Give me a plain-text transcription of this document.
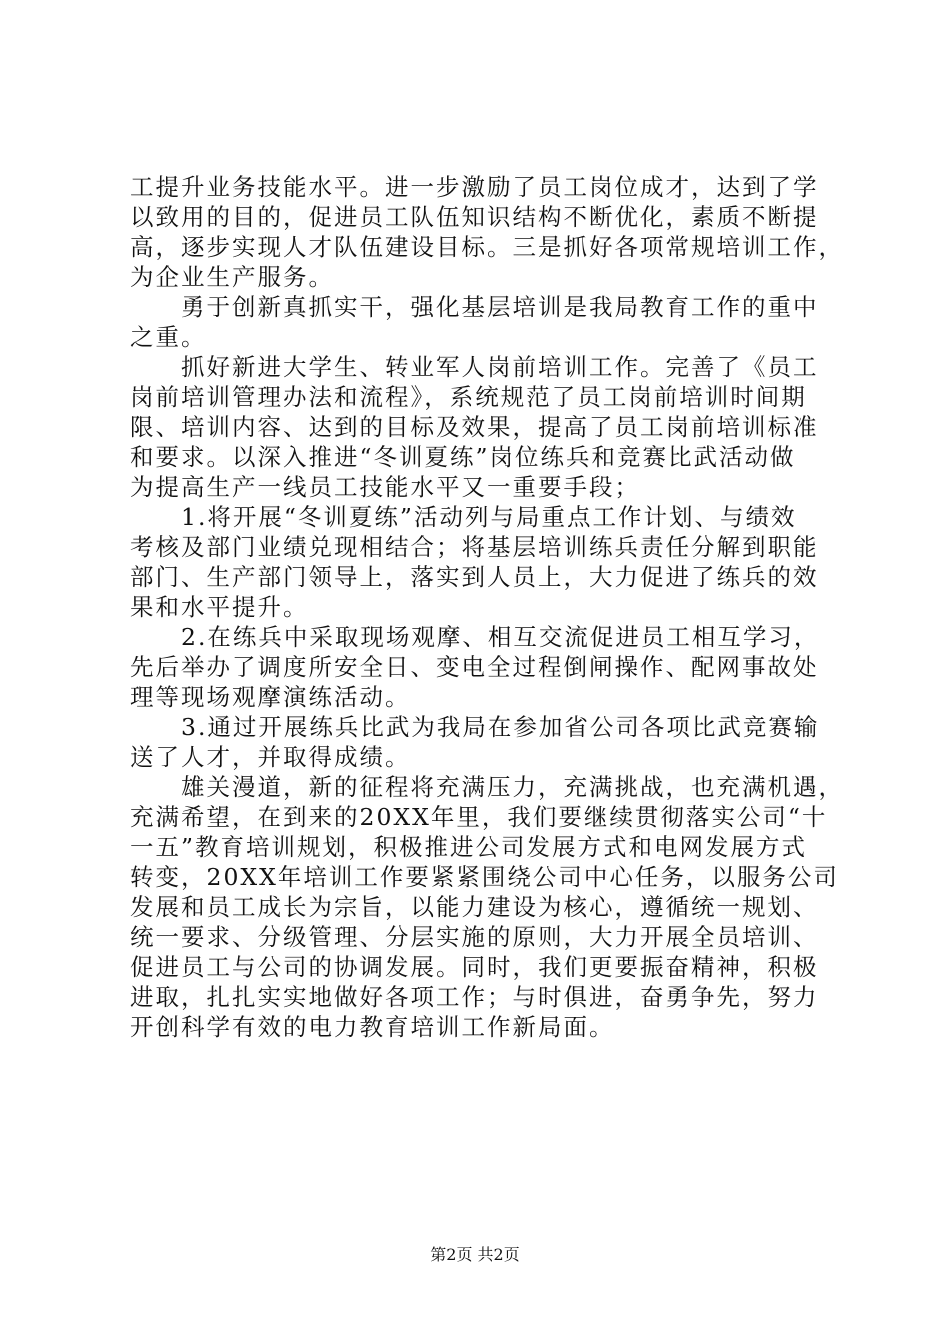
工提升业务技能水平。进一步激励了员工岗位成才，达到了学
以致用的目的，促进员工队伍知识结构不断优化，素质不断提
高，逐步实现人才队伍建设目标。三是抓好各项常规培训工作，
为企业生产服务。
　　勇于创新真抓实干，强化基层培训是我局教育工作的重中
之重。
　　抓好新进大学生、转业军人岗前培训工作。完善了《员工
岗前培训管理办法和流程》，系统规范了员工岗前培训时间期
限、培训内容、达到的目标及效果，提高了员工岗前培训标准
和要求。以深入推进“冬训夏练”岗位练兵和竞赛比武活动做
为提高生产一线员工技能水平又一重要手段；
　　1.将开展“冬训夏练”活动列与局重点工作计划、与绩效
考核及部门业绩兑现相结合；将基层培训练兵责任分解到职能
部门、生产部门领导上，落实到人员上，大力促进了练兵的效
果和水平提升。
　　2.在练兵中采取现场观摩、相互交流促进员工相互学习，
先后举办了调度所安全日、变电全过程倒闸操作、配网事故处
理等现场观摩演练活动。
　　3.通过开展练兵比武为我局在参加省公司各项比武竞赛输
送了人才，并取得成绩。
　　雄关漫道，新的征程将充满压力，充满挑战，也充满机遇，
充满希望，在到来的20XX年里，我们要继续贯彻落实公司“十
一五”教育培训规划，积极推进公司发展方式和电网发展方式
转变，20XX年培训工作要紧紧围绕公司中心任务，以服务公司
发展和员工成长为宗旨，以能力建设为核心，遵循统一规划、
统一要求、分级管理、分层实施的原则，大力开展全员培训、
促进员工与公司的协调发展。同时，我们更要振奋精神，积极
进取，扎扎实实地做好各项工作；与时俱进，奋勇争先，努力
开创科学有效的电力教育培训工作新局面。
第2页 共2页
